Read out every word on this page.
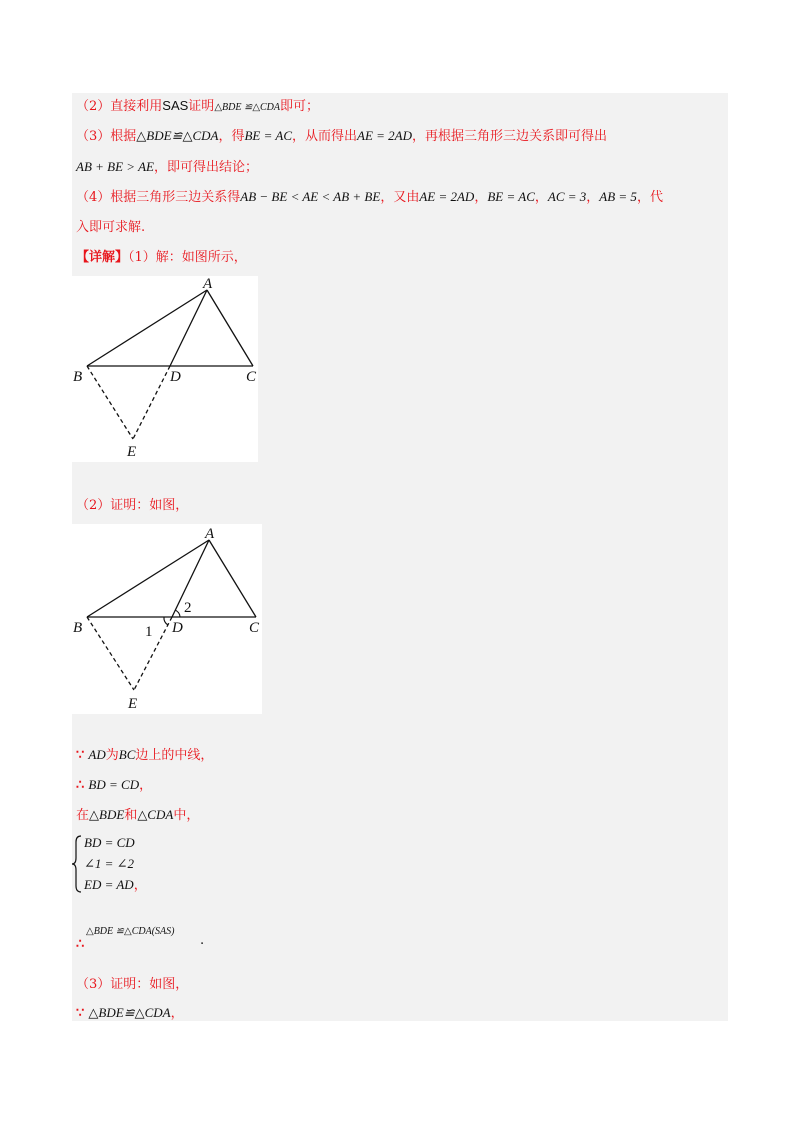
（2）直接利用SAS证明△BDE ≌△CDA即可；
（3）根据△BDE≌△CDA，得BE = AC，从而得出AE = 2AD，再根据三角形三边关系即可得出
AB + BE > AE，即可得出结论；
（4）根据三角形三边关系得AB − BE < AE < AB + BE，又由AE = 2AD，BE = AC，AC = 3，AB = 5，代
入即可求解.
【详解】（1）解：如图所示，
A
B	D	C
E
（2）证明：如图，
A
B	1 D
2
C
E
∵ AD为BC边上的中线，
∴ BD = CD，
在△BDE和△CDA中，
BD = CD
∠1 = ∠2
ED = AD，
∴
△BDE ≌△CDA(SAS)
.
（3）证明：如图，
∵ △BDE≌△CDA，
